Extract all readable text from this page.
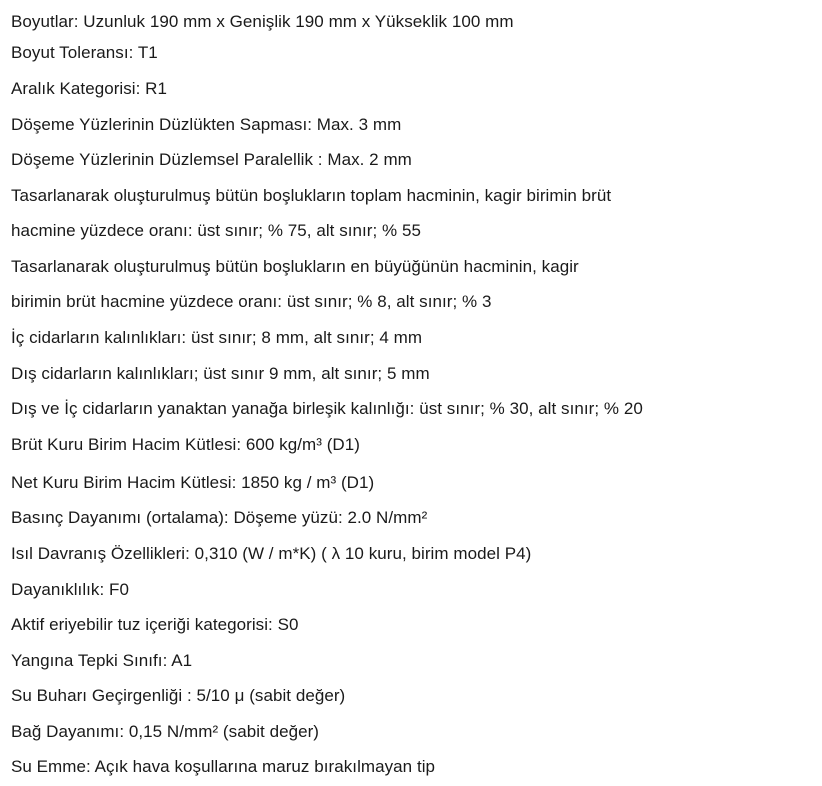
Boyutlar: Uzunluk 190 mm x Genişlik 190 mm x Yükseklik 100 mm
Boyut Toleransı: T1
Aralık Kategorisi: R1
Döşeme Yüzlerinin Düzlükten Sapması: Max. 3 mm
Döşeme Yüzlerinin Düzlemsel Paralellik : Max. 2 mm
Tasarlanarak oluşturulmuş bütün boşlukların toplam hacminin, kagir birimin brüt
hacmine yüzdece oranı: üst sınır; % 75, alt sınır; % 55
Tasarlanarak oluşturulmuş bütün boşlukların en büyüğünün hacminin, kagir
birimin brüt hacmine yüzdece oranı: üst sınır; % 8, alt sınır; % 3
İç cidarların kalınlıkları: üst sınır; 8 mm, alt sınır; 4 mm
Dış cidarların kalınlıkları; üst sınır 9 mm, alt sınır; 5 mm
Dış ve İç cidarların yanaktan yanağa birleşik kalınlığı: üst sınır; % 30, alt sınır; % 20
Brüt Kuru Birim Hacim Kütlesi: 600 kg/m³ (D1)
Net Kuru Birim Hacim Kütlesi: 1850 kg / m³ (D1)
Basınç Dayanımı (ortalama): Döşeme yüzü: 2.0 N/mm²
Isıl Davranış Özellikleri: 0,310 (W / m*K) ( λ 10 kuru, birim model P4)
Dayanıklılık: F0
Aktif eriyebilir tuz içeriği kategorisi: S0
Yangına Tepki Sınıfı: A1
Su Buharı Geçirgenliği : 5/10 μ (sabit değer)
Bağ Dayanımı: 0,15 N/mm² (sabit değer)
Su Emme: Açık hava koşullarına maruz bırakılmayan tip
